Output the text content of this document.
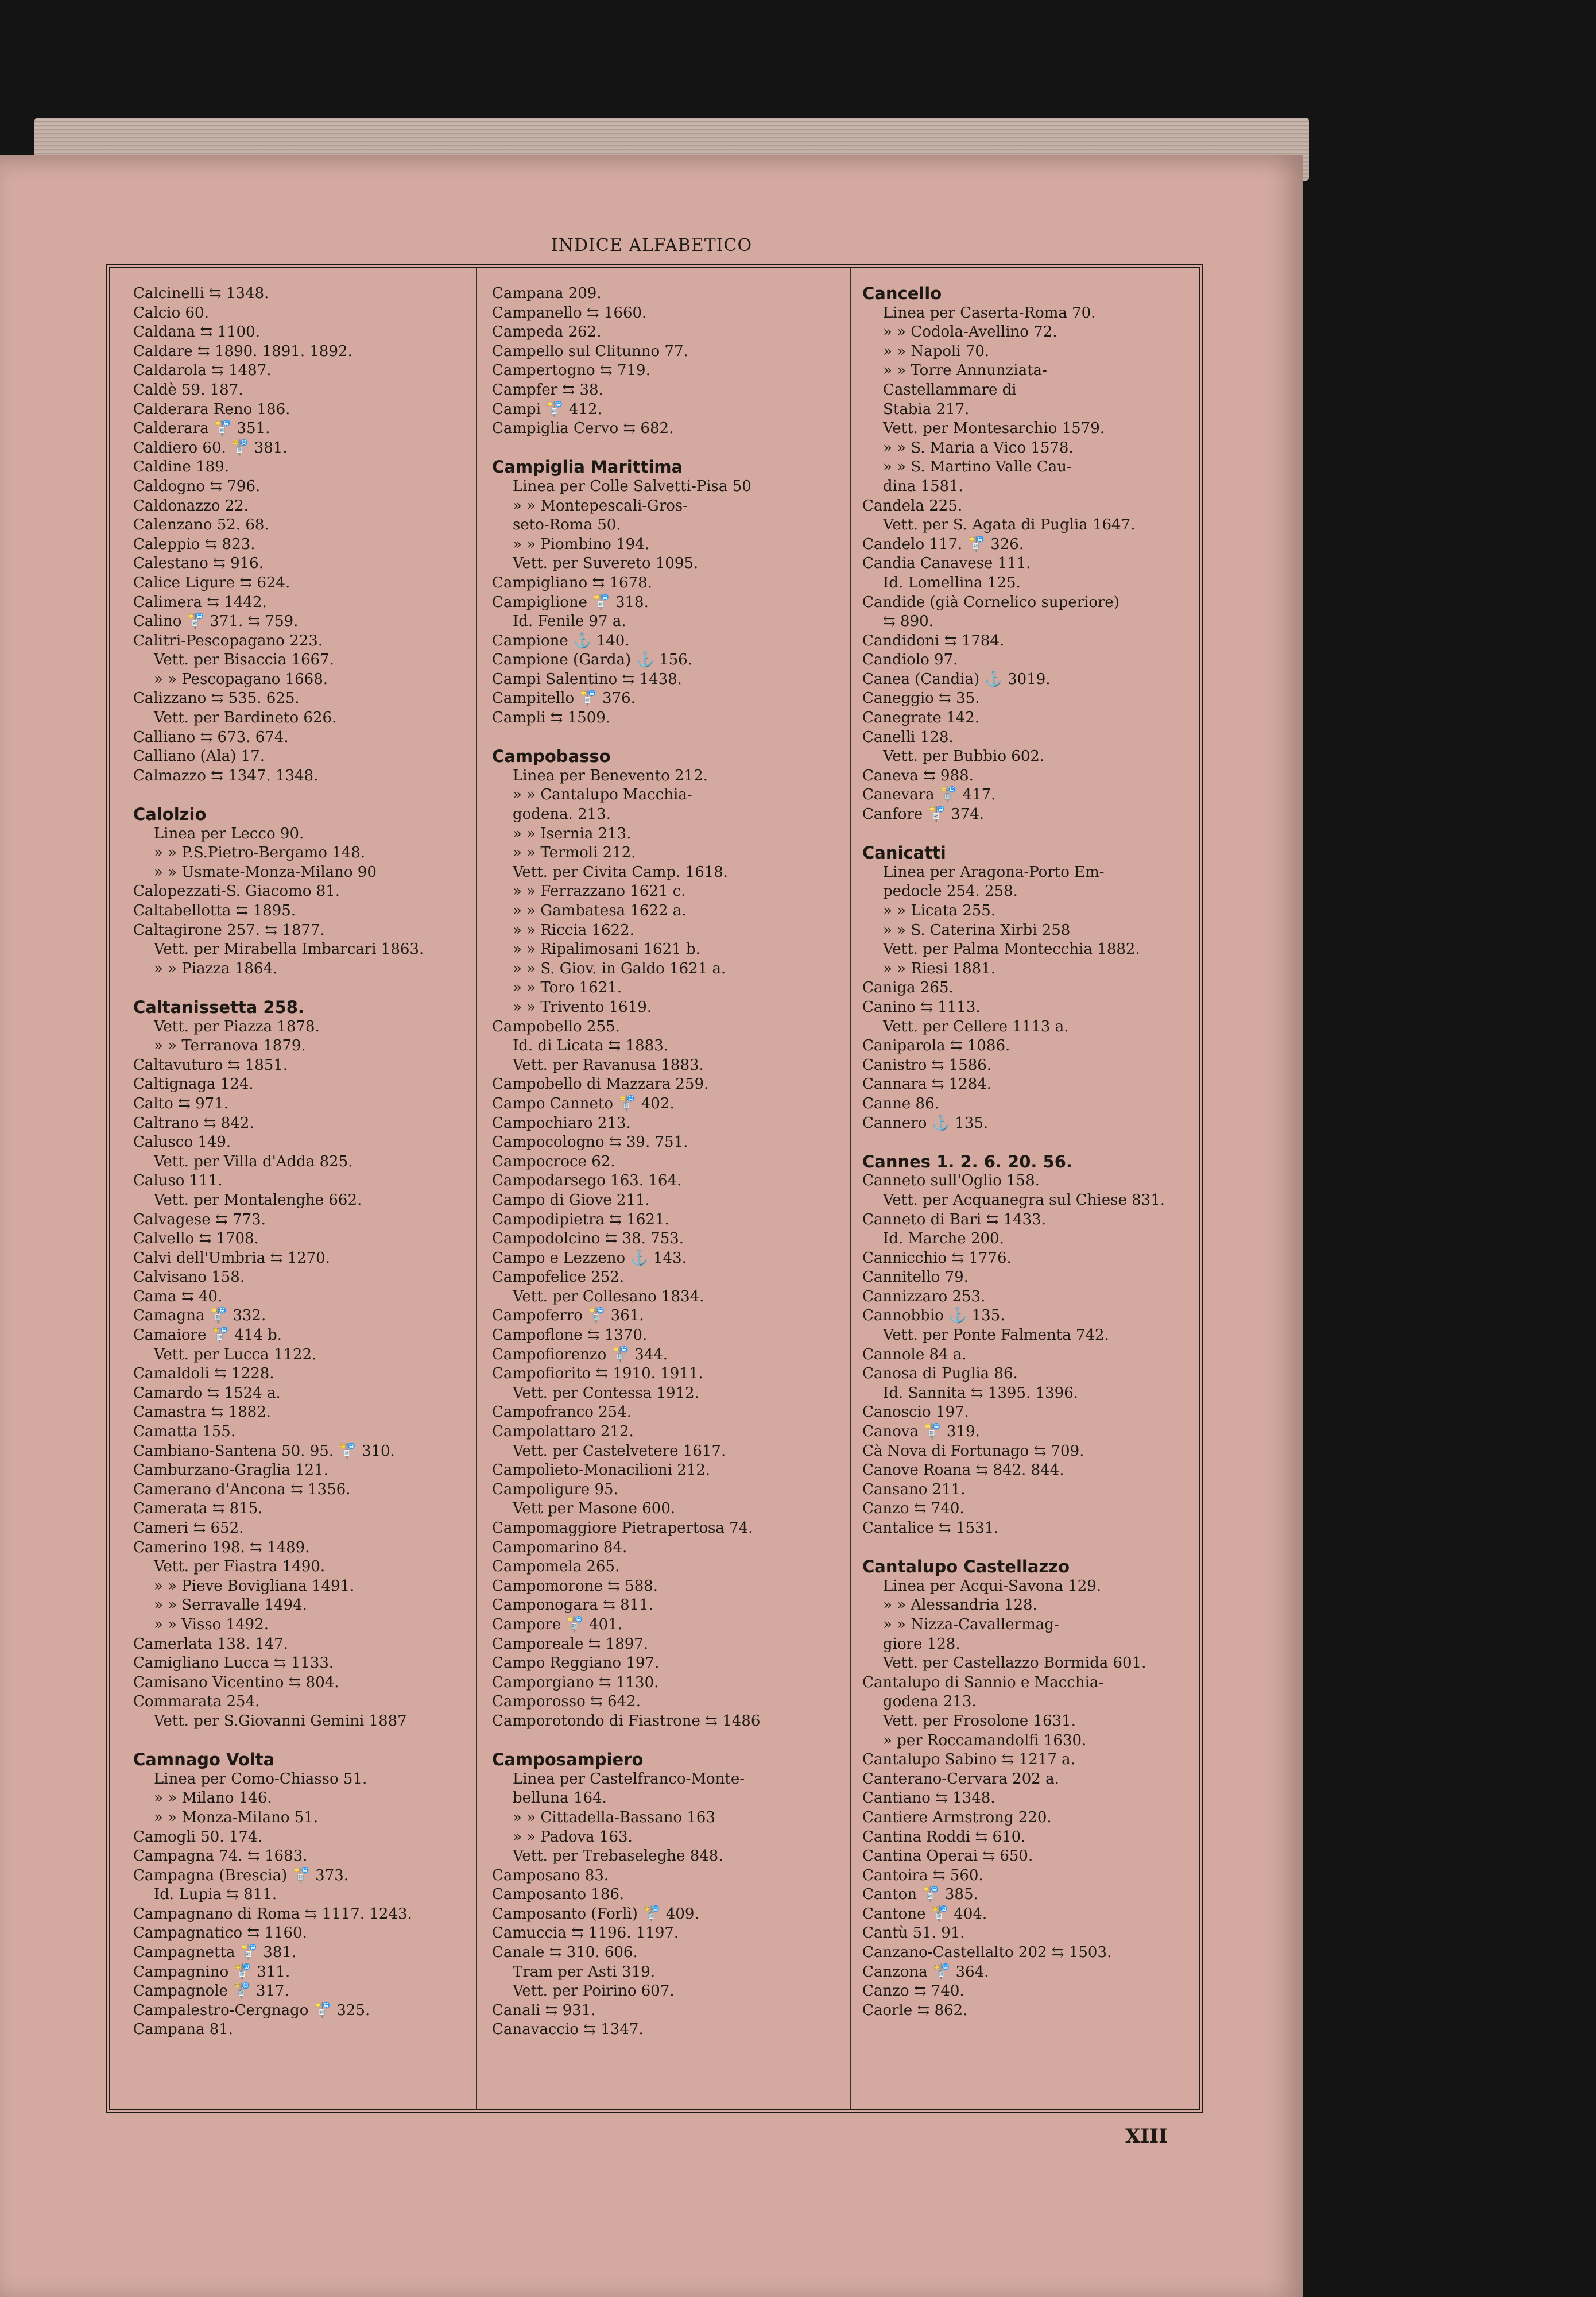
INDICE ALFABETICO
Calcinelli ⇆ 1348.
Calcio 60.
Caldana ⇆ 1100.
Caldare ⇆ 1890. 1891. 1892.
Caldarola ⇆ 1487.
Caldè 59. 187.
Calderara Reno 186.
Calderara 🚏 351.
Caldiero 60. 🚏 381.
Caldine 189.
Caldogno ⇆ 796.
Caldonazzo 22.
Calenzano 52. 68.
Caleppio ⇆ 823.
Calestano ⇆ 916.
Calice Ligure ⇆ 624.
Calimera ⇆ 1442.
Calino 🚏 371. ⇆ 759.
Calitri-Pescopagano 223.
Vett. per Bisaccia 1667.
» » Pescopagano 1668.
Calizzano ⇆ 535. 625.
Vett. per Bardineto 626.
Calliano ⇆ 673. 674.
Calliano (Ala) 17.
Calmazzo ⇆ 1347. 1348.
Calolzio
Linea per Lecco 90.
» » P.S.Pietro-Bergamo 148.
» » Usmate-Monza-Milano 90
Calopezzati-S. Giacomo 81.
Caltabellotta ⇆ 1895.
Caltagirone 257. ⇆ 1877.
Vett. per Mirabella Imbarcari 1863.
» » Piazza 1864.
Caltanissetta 258.
Vett. per Piazza 1878.
» » Terranova 1879.
Caltavuturo ⇆ 1851.
Caltignaga 124.
Calto ⇆ 971.
Caltrano ⇆ 842.
Calusco 149.
Vett. per Villa d'Adda 825.
Caluso 111.
Vett. per Montalenghe 662.
Calvagese ⇆ 773.
Calvello ⇆ 1708.
Calvi dell'Umbria ⇆ 1270.
Calvisano 158.
Cama ⇆ 40.
Camagna 🚏 332.
Camaiore 🚏 414 b.
Vett. per Lucca 1122.
Camaldoli ⇆ 1228.
Camardo ⇆ 1524 a.
Camastra ⇆ 1882.
Camatta 155.
Cambiano-Santena 50. 95. 🚏 310.
Camburzano-Graglia 121.
Camerano d'Ancona ⇆ 1356.
Camerata ⇆ 815.
Cameri ⇆ 652.
Camerino 198. ⇆ 1489.
Vett. per Fiastra 1490.
» » Pieve Bovigliana 1491.
» » Serravalle 1494.
» » Visso 1492.
Camerlata 138. 147.
Camigliano Lucca ⇆ 1133.
Camisano Vicentino ⇆ 804.
Commarata 254.
Vett. per S.Giovanni Gemini 1887
Camnago Volta
Linea per Como-Chiasso 51.
» » Milano 146.
» » Monza-Milano 51.
Camogli 50. 174.
Campagna 74. ⇆ 1683.
Campagna (Brescia) 🚏 373.
Id. Lupia ⇆ 811.
Campagnano di Roma ⇆ 1117. 1243.
Campagnatico ⇆ 1160.
Campagnetta 🚏 381.
Campagnino 🚏 311.
Campagnole 🚏 317.
Campalestro-Cergnago 🚏 325.
Campana 81.
Campana 209.
Campanello ⇆ 1660.
Campeda 262.
Campello sul Clitunno 77.
Campertogno ⇆ 719.
Campfer ⇆ 38.
Campi 🚏 412.
Campiglia Cervo ⇆ 682.
Campiglia Marittima
Linea per Colle Salvetti-Pisa 50
» » Montepescali-Gros-
seto-Roma 50.
» » Piombino 194.
Vett. per Suvereto 1095.
Campigliano ⇆ 1678.
Campiglione 🚏 318.
Id. Fenile 97 a.
Campione ⚓ 140.
Campione (Garda) ⚓ 156.
Campi Salentino ⇆ 1438.
Campitello 🚏 376.
Campli ⇆ 1509.
Campobasso
Linea per Benevento 212.
» » Cantalupo Macchia-
godena. 213.
» » Isernia 213.
» » Termoli 212.
Vett. per Civita Camp. 1618.
» » Ferrazzano 1621 c.
» » Gambatesa 1622 a.
» » Riccia 1622.
» » Ripalimosani 1621 b.
» » S. Giov. in Galdo 1621 a.
» » Toro 1621.
» » Trivento 1619.
Campobello 255.
Id. di Licata ⇆ 1883.
Vett. per Ravanusa 1883.
Campobello di Mazzara 259.
Campo Canneto 🚏 402.
Campochiaro 213.
Campocologno ⇆ 39. 751.
Campocroce 62.
Campodarsego 163. 164.
Campo di Giove 211.
Campodipietra ⇆ 1621.
Campodolcino ⇆ 38. 753.
Campo e Lezzeno ⚓ 143.
Campofelice 252.
Vett. per Collesano 1834.
Campoferro 🚏 361.
Campoflone ⇆ 1370.
Campofiorenzo 🚏 344.
Campofiorito ⇆ 1910. 1911.
Vett. per Contessa 1912.
Campofranco 254.
Campolattaro 212.
Vett. per Castelvetere 1617.
Campolieto-Monacilioni 212.
Campoligure 95.
Vett per Masone 600.
Campomaggiore Pietrapertosa 74.
Campomarino 84.
Campomela 265.
Campomorone ⇆ 588.
Camponogara ⇆ 811.
Campore 🚏 401.
Camporeale ⇆ 1897.
Campo Reggiano 197.
Camporgiano ⇆ 1130.
Camporosso ⇆ 642.
Camporotondo di Fiastrone ⇆ 1486
Camposampiero
Linea per Castelfranco-Monte-
belluna 164.
» » Cittadella-Bassano 163
» » Padova 163.
Vett. per Trebaseleghe 848.
Camposano 83.
Camposanto 186.
Camposanto (Forlì) 🚏 409.
Camuccia ⇆ 1196. 1197.
Canale ⇆ 310. 606.
Tram per Asti 319.
Vett. per Poirino 607.
Canali ⇆ 931.
Canavaccio ⇆ 1347.
Cancello
Linea per Caserta-Roma 70.
» » Codola-Avellino 72.
» » Napoli 70.
» » Torre Annunziata-
Castellammare di
Stabia 217.
Vett. per Montesarchio 1579.
» » S. Maria a Vico 1578.
» » S. Martino Valle Cau-
dina 1581.
Candela 225.
Vett. per S. Agata di Puglia 1647.
Candelo 117. 🚏 326.
Candia Canavese 111.
Id. Lomellina 125.
Candide (già Cornelico superiore)
⇆ 890.
Candidoni ⇆ 1784.
Candiolo 97.
Canea (Candia) ⚓ 3019.
Caneggio ⇆ 35.
Canegrate 142.
Canelli 128.
Vett. per Bubbio 602.
Caneva ⇆ 988.
Canevara 🚏 417.
Canfore 🚏 374.
Canicatti
Linea per Aragona-Porto Em-
pedocle 254. 258.
» » Licata 255.
» » S. Caterina Xirbi 258
Vett. per Palma Montecchia 1882.
» » Riesi 1881.
Caniga 265.
Canino ⇆ 1113.
Vett. per Cellere 1113 a.
Caniparola ⇆ 1086.
Canistro ⇆ 1586.
Cannara ⇆ 1284.
Canne 86.
Cannero ⚓ 135.
Cannes 1. 2. 6. 20. 56.
Canneto sull'Oglio 158.
Vett. per Acquanegra sul Chiese 831.
Canneto di Bari ⇆ 1433.
Id. Marche 200.
Cannicchio ⇆ 1776.
Cannitello 79.
Cannizzaro 253.
Cannobbio ⚓ 135.
Vett. per Ponte Falmenta 742.
Cannole 84 a.
Canosa di Puglia 86.
Id. Sannita ⇆ 1395. 1396.
Canoscio 197.
Canova 🚏 319.
Cà Nova di Fortunago ⇆ 709.
Canove Roana ⇆ 842. 844.
Cansano 211.
Canzo ⇆ 740.
Cantalice ⇆ 1531.
Cantalupo Castellazzo
Linea per Acqui-Savona 129.
» » Alessandria 128.
» » Nizza-Cavallermag-
giore 128.
Vett. per Castellazzo Bormida 601.
Cantalupo di Sannio e Macchia-
godena 213.
Vett. per Frosolone 1631.
» per Roccamandolfi 1630.
Cantalupo Sabino ⇆ 1217 a.
Canterano-Cervara 202 a.
Cantiano ⇆ 1348.
Cantiere Armstrong 220.
Cantina Roddi ⇆ 610.
Cantina Operai ⇆ 650.
Cantoira ⇆ 560.
Canton 🚏 385.
Cantone 🚏 404.
Cantù 51. 91.
Canzano-Castellalto 202 ⇆ 1503.
Canzona 🚏 364.
Canzo ⇆ 740.
Caorle ⇆ 862.
XIII
